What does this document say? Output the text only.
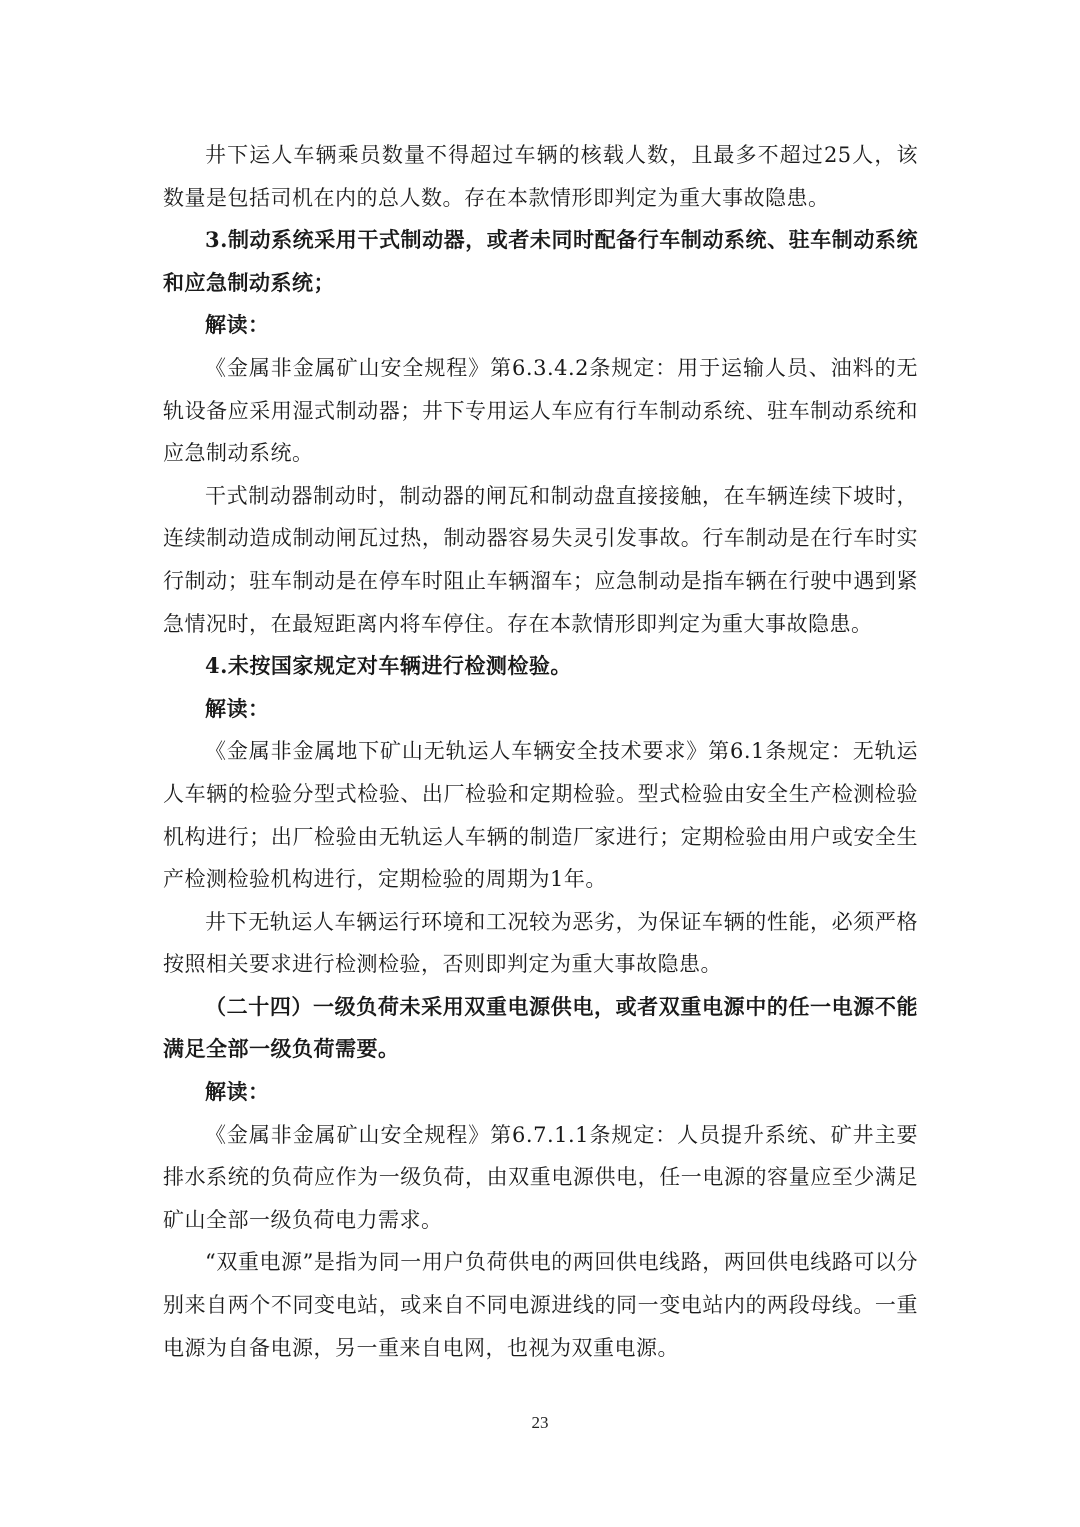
井下运人车辆乘员数量不得超过车辆的核载人数，且最多不超过25人，该数量是包括司机在内的总人数。存在本款情形即判定为重大事故隐患。

3.制动系统采用干式制动器，或者未同时配备行车制动系统、驻车制动系统和应急制动系统；

解读：

《金属非金属矿山安全规程》第6.3.4.2条规定：用于运输人员、油料的无轨设备应采用湿式制动器；井下专用运人车应有行车制动系统、驻车制动系统和应急制动系统。

干式制动器制动时，制动器的闸瓦和制动盘直接接触，在车辆连续下坡时，连续制动造成制动闸瓦过热，制动器容易失灵引发事故。行车制动是在行车时实行制动；驻车制动是在停车时阻止车辆溜车；应急制动是指车辆在行驶中遇到紧急情况时，在最短距离内将车停住。存在本款情形即判定为重大事故隐患。

4.未按国家规定对车辆进行检测检验。

解读：

《金属非金属地下矿山无轨运人车辆安全技术要求》第6.1条规定：无轨运人车辆的检验分型式检验、出厂检验和定期检验。型式检验由安全生产检测检验机构进行；出厂检验由无轨运人车辆的制造厂家进行；定期检验由用户或安全生产检测检验机构进行，定期检验的周期为1年。

井下无轨运人车辆运行环境和工况较为恶劣，为保证车辆的性能，必须严格按照相关要求进行检测检验，否则即判定为重大事故隐患。

（二十四）一级负荷未采用双重电源供电，或者双重电源中的任一电源不能满足全部一级负荷需要。

解读：

《金属非金属矿山安全规程》第6.7.1.1条规定：人员提升系统、矿井主要排水系统的负荷应作为一级负荷，由双重电源供电，任一电源的容量应至少满足矿山全部一级负荷电力需求。

“双重电源”是指为同一用户负荷供电的两回供电线路，两回供电线路可以分别来自两个不同变电站，或来自不同电源进线的同一变电站内的两段母线。一重电源为自备电源，另一重来自电网，也视为双重电源。

23
